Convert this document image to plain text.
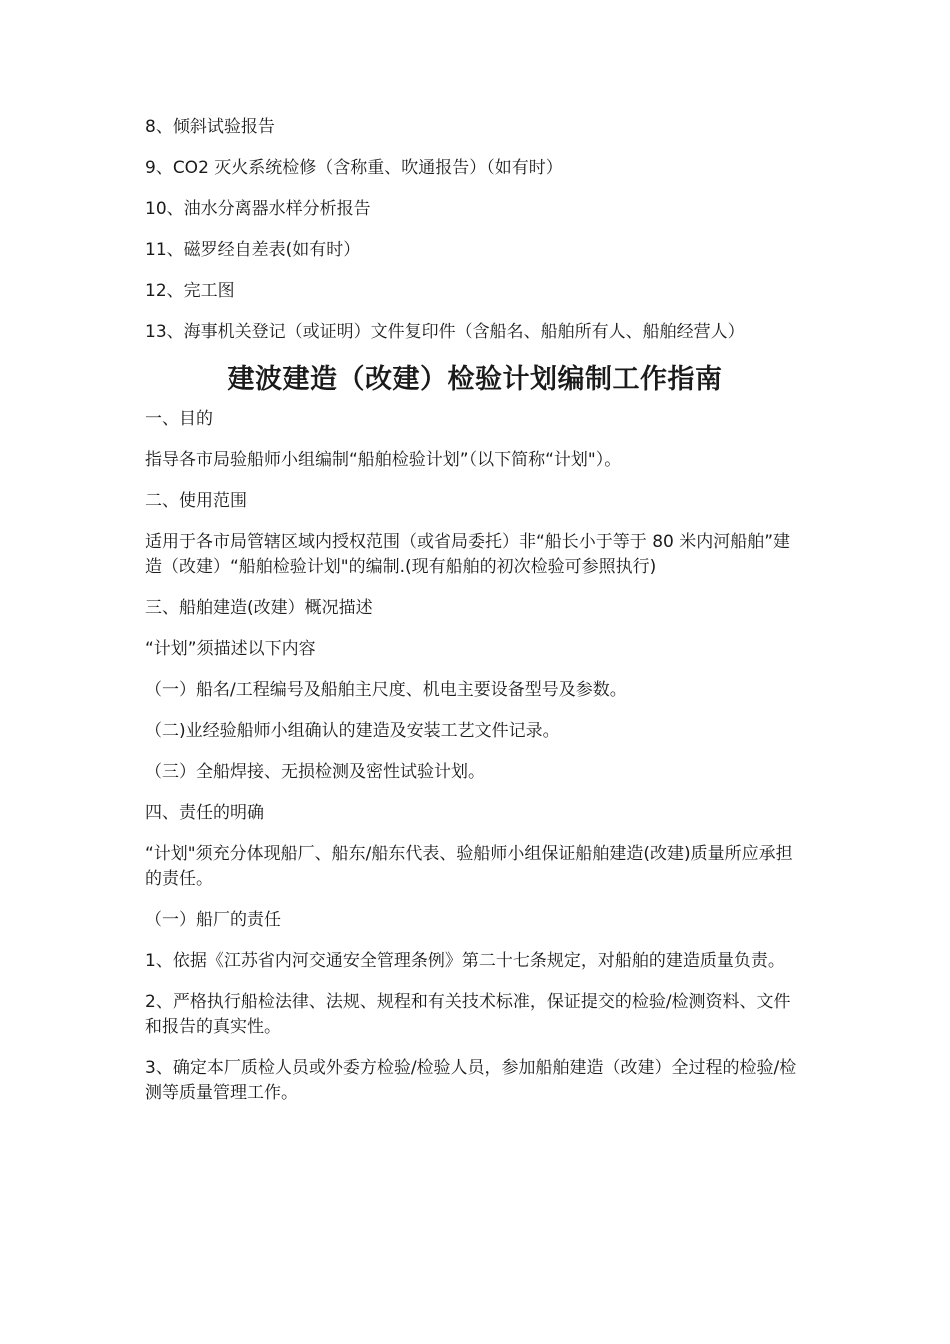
8、倾斜试验报告

9、CO2 灭火系统检修（含称重、吹通报告）（如有时）

10、油水分离器水样分析报告

11、磁罗经自差表(如有时）

12、完工图

13、海事机关登记（或证明）文件复印件（含船名、船舶所有人、船舶经营人）

建波建造（改建）检验计划编制工作指南

一、目的

指导各市局验船师小组编制“船舶检验计划”（以下简称“计划"）。

二、使用范围

适用于各市局管辖区域内授权范围（或省局委托）非“船长小于等于 80 米内河船舶”建造（改建）“船舶检验计划"的编制.(现有船舶的初次检验可参照执行)

三、船舶建造(改建）概况描述

“计划”须描述以下内容

（一）船名/工程编号及船舶主尺度、机电主要设备型号及参数。

（二)业经验船师小组确认的建造及安装工艺文件记录。

（三）全船焊接、无损检测及密性试验计划。

四、责任的明确

“计划"须充分体现船厂、船东/船东代表、验船师小组保证船舶建造(改建)质量所应承担的责任。

（一）船厂的责任

1、依据《江苏省内河交通安全管理条例》第二十七条规定，对船舶的建造质量负责。

2、严格执行船检法律、法规、规程和有关技术标准，保证提交的检验/检测资料、文件和报告的真实性。

3、确定本厂质检人员或外委方检验/检验人员，参加船舶建造（改建）全过程的检验/检测等质量管理工作。
